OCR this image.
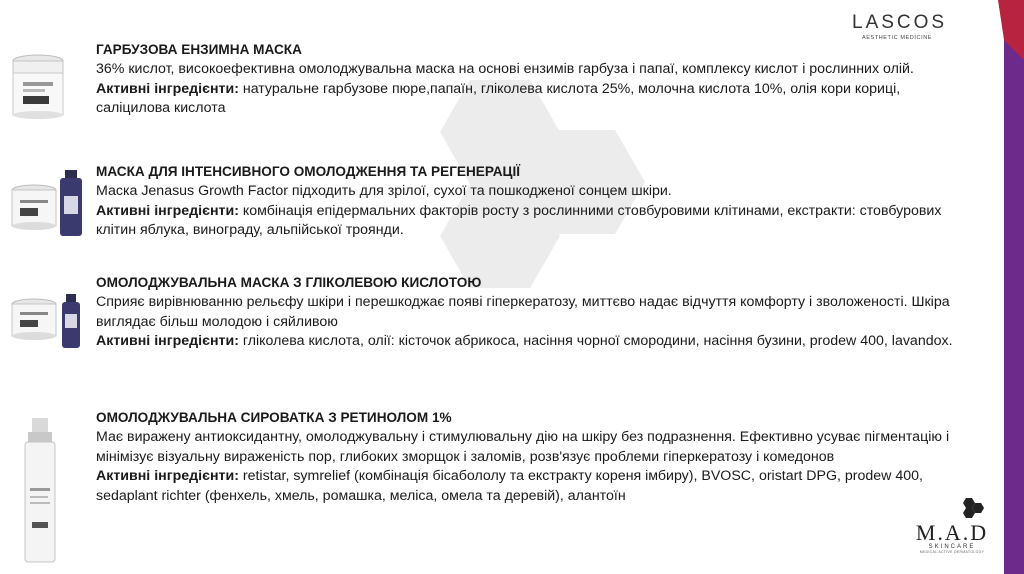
LASCOS
AESTHETIC MEDICINE
ГАРБУЗОВА ЕНЗИМНА МАСКА
36% кислот, високоефективна омолоджувальна маска на основі ензимів гарбуза і папаї, комплексу кислот і рослинних олій.
Активні інгредієнти: натуральне гарбузове пюре,папаїн, гліколева кислота 25%, молочна кислота 10%, олія кори кориці, саліцилова кислота
МАСКА ДЛЯ ІНТЕНСИВНОГО ОМОЛОДЖЕННЯ ТА РЕГЕНЕРАЦІЇ
Маска Jenasus Growth Factor підходить для зрілої, сухої та пошкодженої сонцем шкіри.
Активні інгредієнти: комбінація епідермальних факторів росту з рослинними стовбуровими клітинами, екстракти: стовбурових клітин яблука, винограду, альпійської троянди.
ОМОЛОДЖУВАЛЬНА МАСКА З ГЛІКОЛЕВОЮ КИСЛОТОЮ
Сприяє вирівнюванню рельєфу шкіри і перешкоджає появі гіперкератозу, миттєво надає відчуття комфорту і зволоженості. Шкіра виглядає більш молодою і сяйливою
Активні інгредієнти: гліколева кислота, олії: кісточок абрикоса, насіння чорної смородини, насіння бузини, prodew 400, lavandox.
ОМОЛОДЖУВАЛЬНА СИРОВАТКА З РЕТИНОЛОМ 1%
Має виражену антиоксидантну, омолоджувальну і стимулювальну дію на шкіру без подразнення. Ефективно усуває пігментацію і мінімізує візуальну вираженість пор, глибоких зморщок і заломів, розв'язує проблеми гіперкератозу і комедонов
Активні інгредієнти: retistar, symrelief (комбінація бісабололу та екстракту кореня імбиру), BVOSC, oristart DPG, prodew 400, sedaplant richter (фенхель, хмель, ромашка, меліса, омела та деревій), алантоїн
M.A.D
SKINCARE
MEDICAL ACTIVE DERMATOLOGY
